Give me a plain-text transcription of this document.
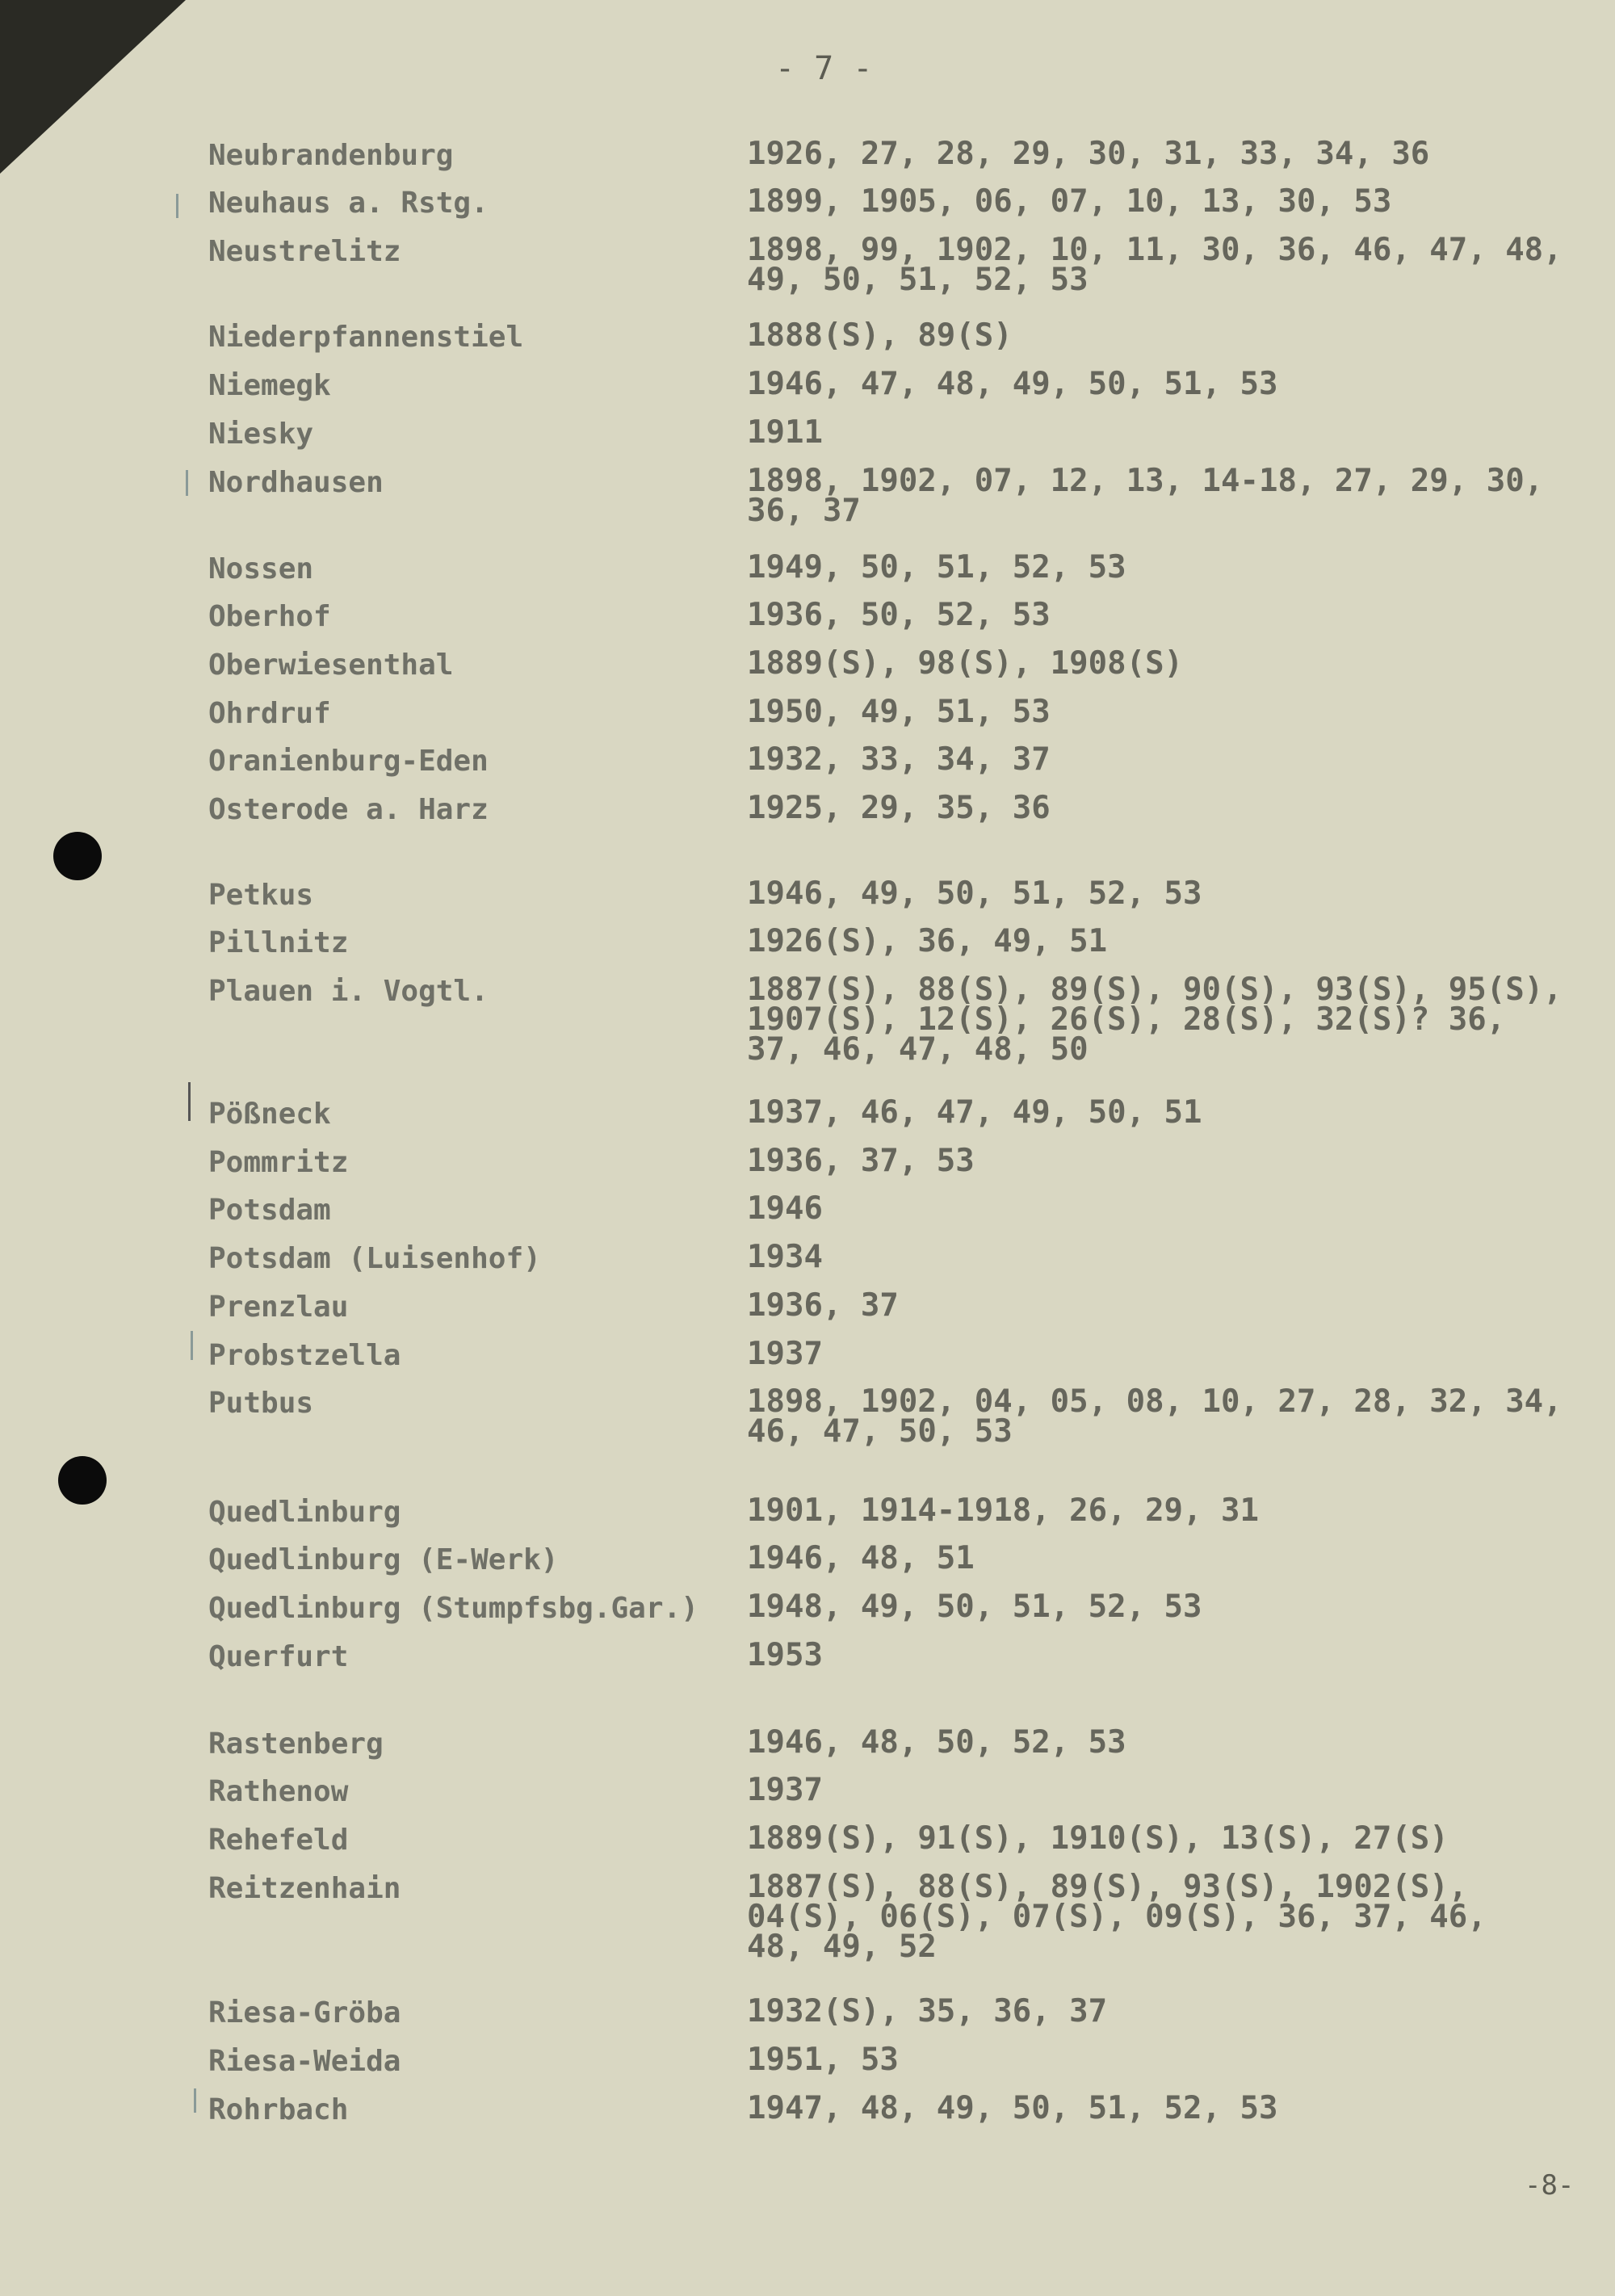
- 7 -
Neubrandenburg	1926, 27, 28, 29, 30, 31, 33, 34, 36
Neuhaus a. Rstg.	1899, 1905, 06, 07, 10, 13, 30, 53
Neustrelitz	1898, 99, 1902, 10, 11, 30, 36, 46, 47, 48,
49, 50, 51, 52, 53
Niederpfannenstiel	1888(S), 89(S)
Niemegk	1946, 47, 48, 49, 50, 51, 53
Niesky	1911
Nordhausen	1898, 1902, 07, 12, 13, 14-18, 27, 29, 30,
36, 37
Nossen	1949, 50, 51, 52, 53
Oberhof	1936, 50, 52, 53
Oberwiesenthal	1889(S), 98(S), 1908(S)
Ohrdruf	1950, 49, 51, 53
Oranienburg-Eden	1932, 33, 34, 37
Osterode a. Harz	1925, 29, 35, 36
Petkus	1946, 49, 50, 51, 52, 53
Pillnitz	1926(S), 36, 49, 51
Plauen i. Vogtl.	1887(S), 88(S), 89(S), 90(S), 93(S), 95(S),
1907(S), 12(S), 26(S), 28(S), 32(S)? 36,
37, 46, 47, 48, 50
Pößneck	1937, 46, 47, 49, 50, 51
Pommritz	1936, 37, 53
Potsdam	1946
Potsdam (Luisenhof)	1934
Prenzlau	1936, 37
Probstzella	1937
Putbus	1898, 1902, 04, 05, 08, 10, 27, 28, 32, 34,
46, 47, 50, 53
Quedlinburg	1901, 1914-1918, 26, 29, 31
Quedlinburg (E-Werk)	1946, 48, 51
Quedlinburg (Stumpfsbg.Gar.) 1948, 49, 50, 51, 52, 53
Querfurt	1953
Rastenberg	1946, 48, 50, 52, 53
Rathenow	1937
Rehefeld	1889(S), 91(S), 1910(S), 13(S), 27(S)
Reitzenhain	1887(S), 88(S), 89(S), 93(S), 1902(S),
04(S), 06(S), 07(S), 09(S), 36, 37, 46,
48, 49, 52
Riesa-Gröba	1932(S), 35, 36, 37
Riesa-Weida	1951, 53
Rohrbach	1947, 48, 49, 50, 51, 52, 53
-8-
